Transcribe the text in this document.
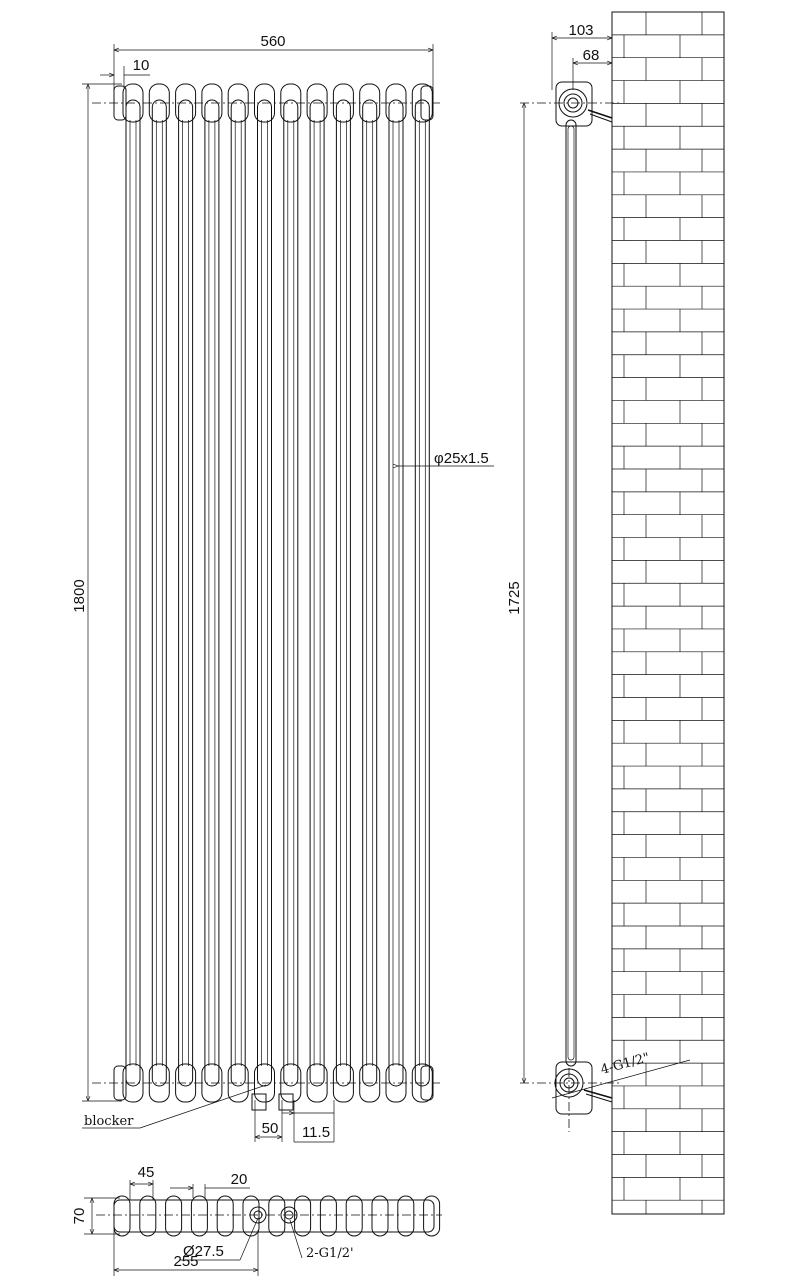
560
10
1800
φ25x1.5
blocker	50 11.5
103
68
1725
4-G1/2"
45	20
70
Ø27.5	2-G1/2'
255
